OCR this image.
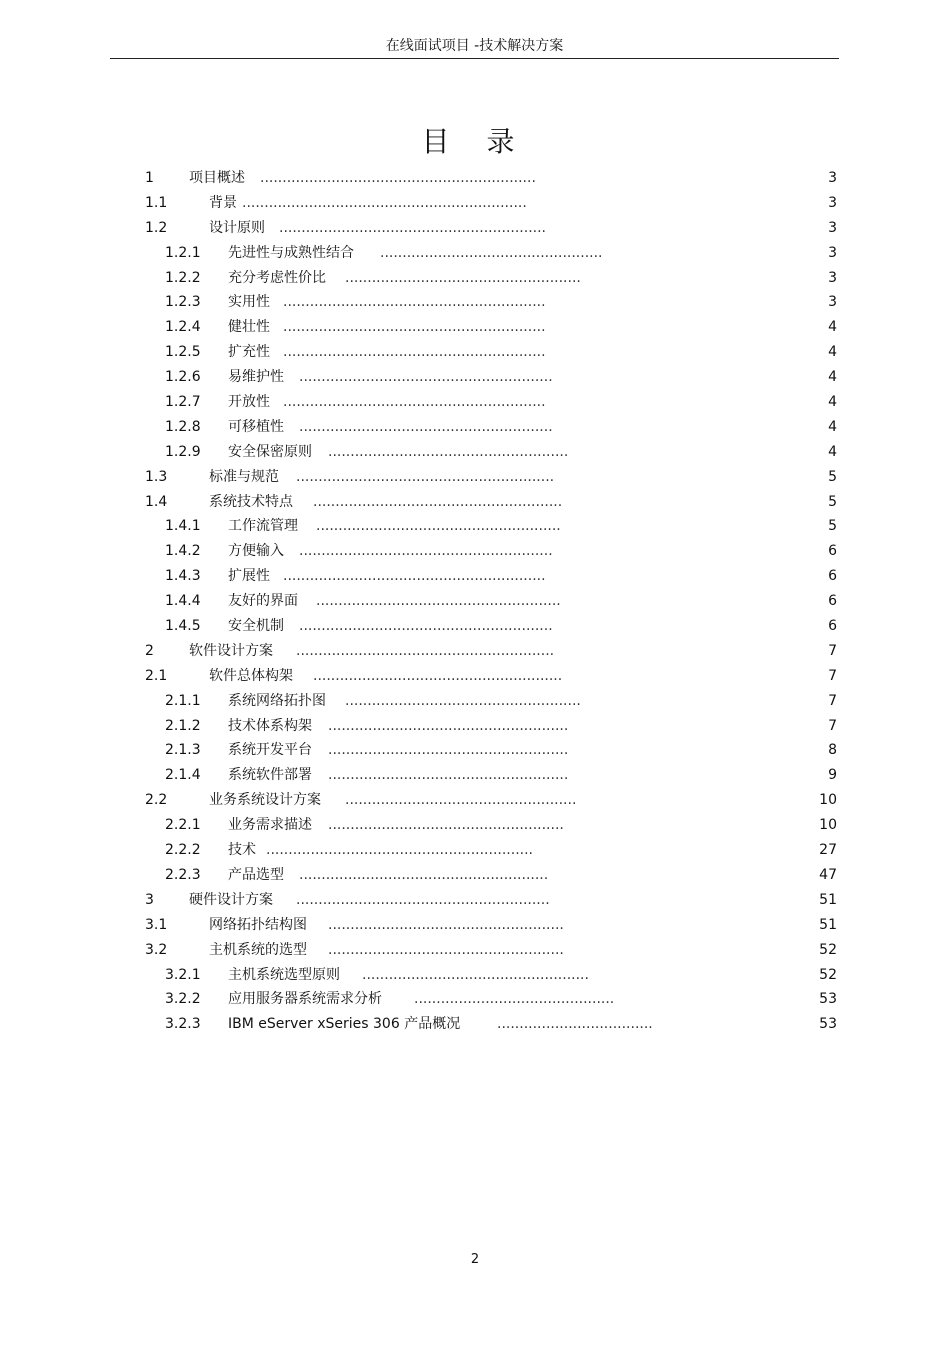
在线面试项目 -技术解决方案
目 录
1	项目概述 ..............................................................	3
1.1	背景 ................................................................	3
1.2	设计原则 ............................................................	3
1.2.1 先进性与成熟性结合 ..................................................	3
1.2.2 充分考虑性价比 .....................................................	3
1.2.3 实用性 ...........................................................	3
1.2.4 健壮性 ...........................................................	4
1.2.5 扩充性 ...........................................................	4
1.2.6 易维护性 .........................................................	4
1.2.7 开放性 ...........................................................	4
1.2.8 可移植性 .........................................................	4
1.2.9 安全保密原则 ......................................................	4
1.3	标准与规范 ..........................................................	5
1.4	系统技术特点 ........................................................	5
1.4.1 工作流管理 .......................................................	5
1.4.2 方便输入 .........................................................	6
1.4.3 扩展性 ...........................................................	6
1.4.4 友好的界面 .......................................................	6
1.4.5 安全机制 .........................................................	6
2	软件设计方案 ..........................................................	7
2.1	软件总体构架 ........................................................	7
2.1.1 系统网络拓扑图 .....................................................	7
2.1.2 技术体系构架 ......................................................	7
2.1.3 系统开发平台 ......................................................	8
2.1.4 系统软件部署 ......................................................	9
2.2	业务系统设计方案 ....................................................	10
2.2.1 业务需求描述 .....................................................	10
2.2.2 技术 ............................................................	27
2.2.3 产品选型 ........................................................	47
3	硬件设计方案 .........................................................	51
3.1	网络拓扑结构图 .....................................................	51
3.2	主机系统的选型 .....................................................	52
3.2.1 主机系统选型原则 ...................................................	52
3.2.2 应用服务器系统需求分析 .............................................	53
3.2.3 IBM eServer xSeries 306 产品概况	...................................	53
2
